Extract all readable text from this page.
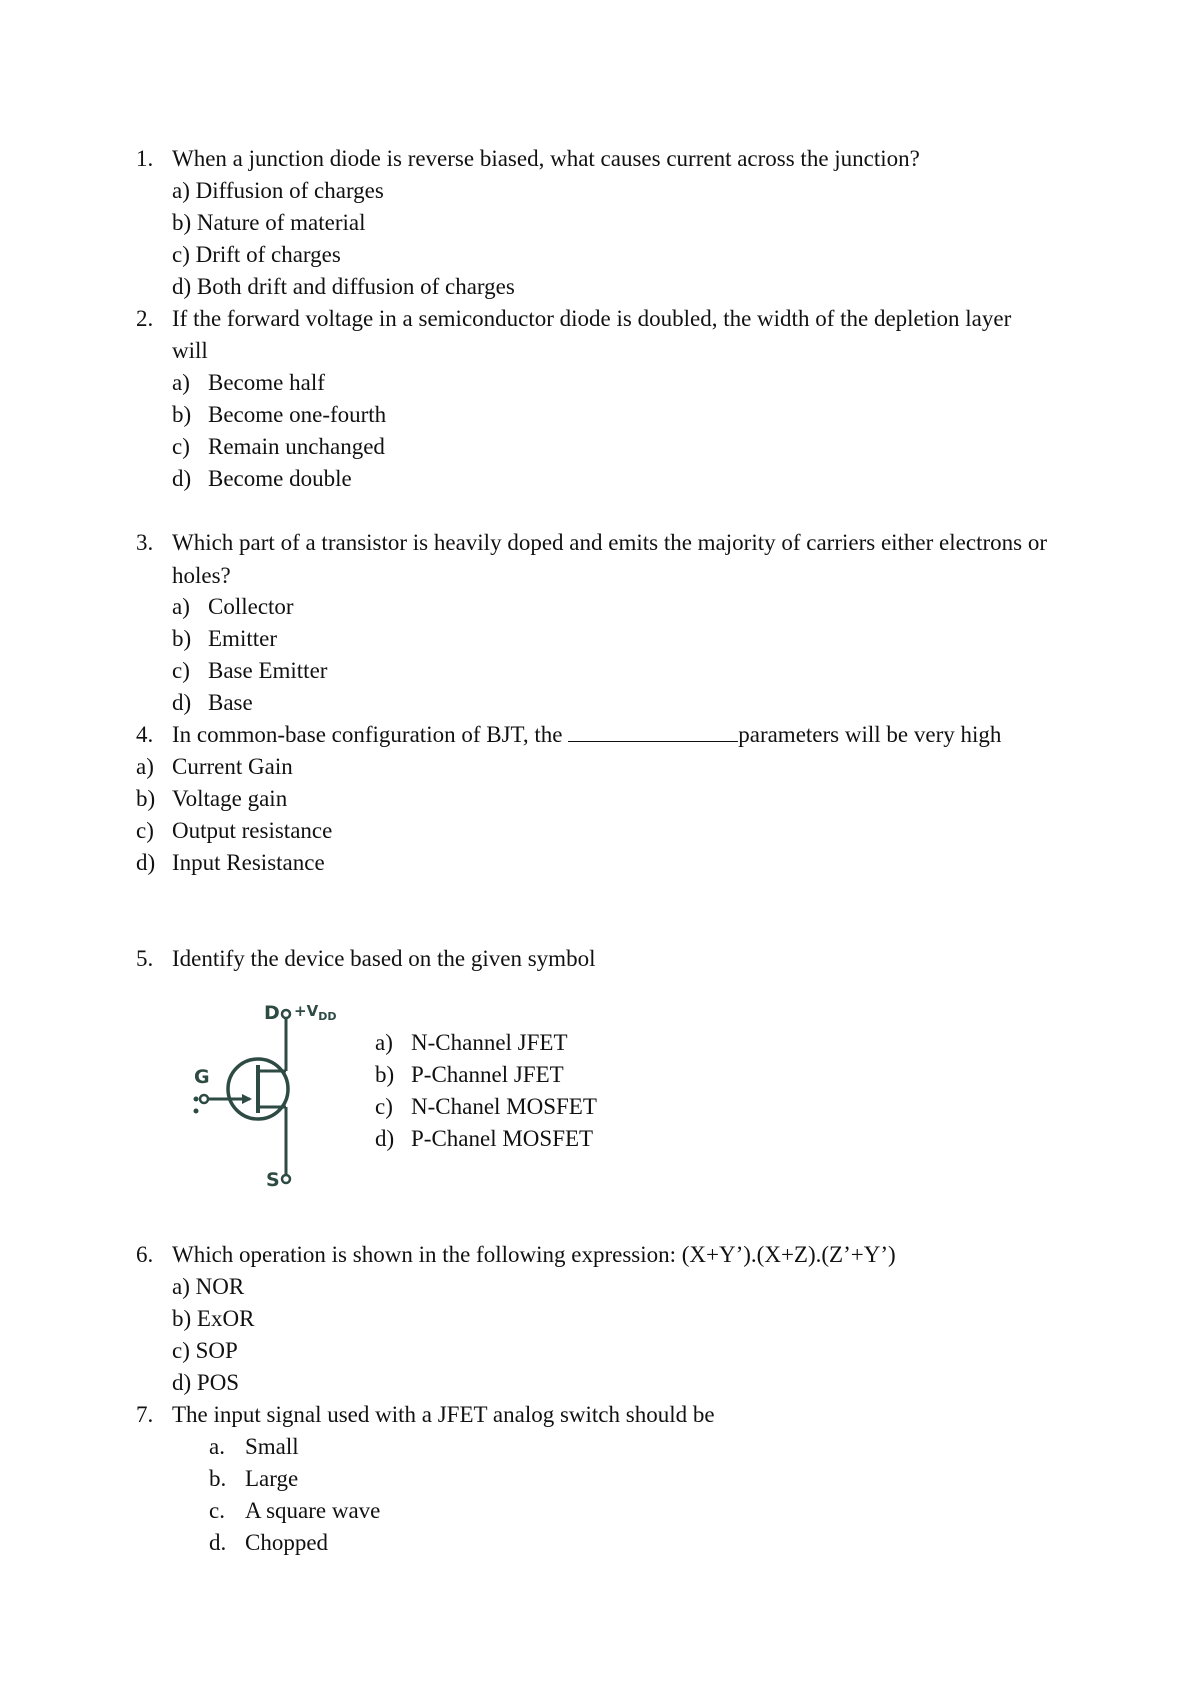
1. When a junction diode is reverse biased, what causes current across the junction?
a) Diffusion of charges
b) Nature of material
c) Drift of charges
d) Both drift and diffusion of charges
2. If the forward voltage in a semiconductor diode is doubled, the width of the depletion layer
will
a) Become half
b) Become one-fourth
c) Remain unchanged
d) Become double
3. Which part of a transistor is heavily doped and emits the majority of carriers either electrons or
holes?
a) Collector
b) Emitter
c) Base Emitter
d) Base
4. In common-base configuration of BJT, the	parameters will be very high
a) Current Gain
b) Voltage gain
c) Output resistance
d) Input Resistance
5. Identify the device based on the given symbol
$D +V_{DD}$
G
S
a) N-Channel JFET
b) P-Channel JFET
c) N-Chanel MOSFET
d) P-Chanel MOSFET
6. Which operation is shown in the following expression: (X+Y’).(X+Z).(Z’+Y’)
a) NOR
b) ExOR
c) SOP
d) POS
7. The input signal used with a JFET analog switch should be
a. Small
b. Large
c. A square wave
d. Chopped
